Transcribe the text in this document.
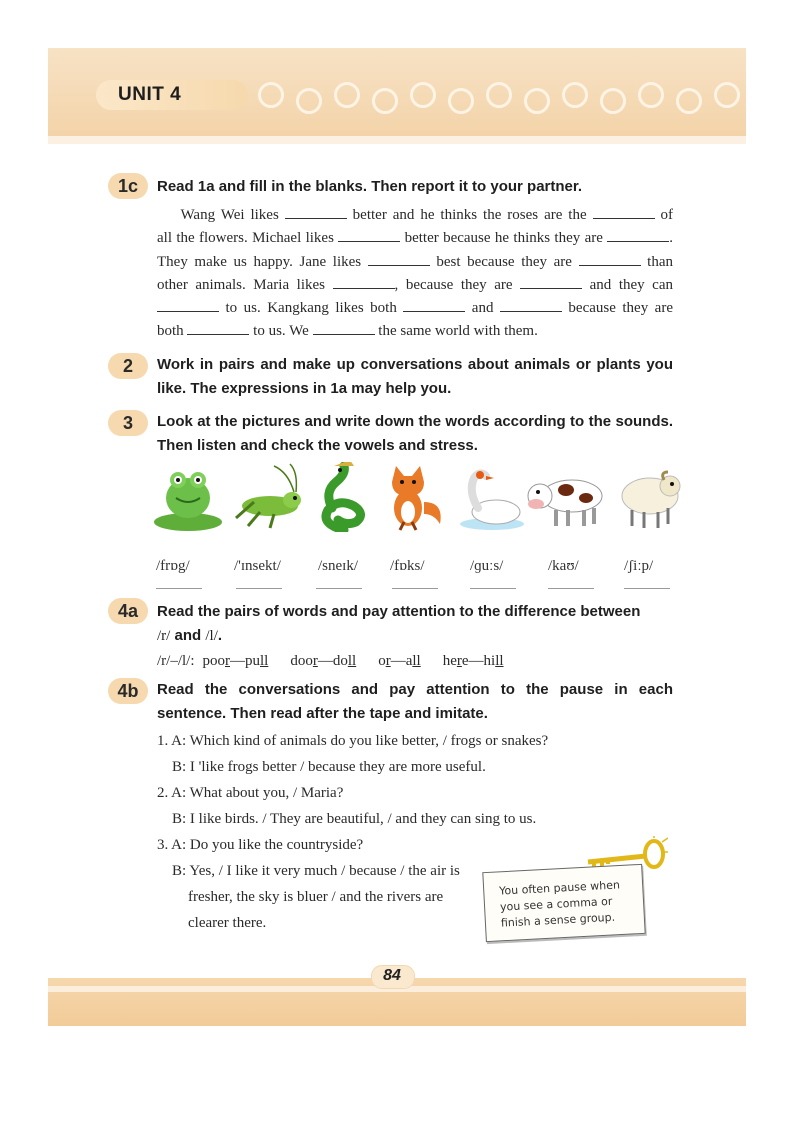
UNIT 4
1c	Read 1a and fill in the blanks. Then report it to your partner.
Wang Wei likes	better and he thinks the roses are the	of
all the flowers. Michael likes	better because he thinks they are	.
They make us happy. Jane likes	best because they are	than
other animals. Maria likes	, because they are	and they can
to us. Kangkang likes both	and	because they are
both	to us. We	the same world with them.
2	Work in pairs and make up conversations about animals or plants you like. The expressions in 1a may help you.
3	Look at the pictures and write down the words according to the sounds. Then listen and check the vowels and stress.
/frɒg/	/'ɪnsekt/ /sneɪk/ /fɒks/	/ɡuːs/	/kaʊ/	/ʃiːp/
4a	Read the pairs of words and pay attention to the difference between
/r/ and /l/.
/r/–/l/: poor—pull door—doll or—all here—hill
4b	Read the conversations and pay attention to the pause in each sentence. Then read after the tape and imitate.
1. A: Which kind of animals do you like better, / frogs or snakes?
B: I 'like frogs better / because they are more useful.
2. A: What about you, / Maria?
B: I like birds. / They are beautiful, / and they can sing to us.
3. A: Do you like the countryside?
B: Yes, / I like it very much / because / the air is
fresher, the sky is bluer / and the rivers are
clearer there.
You often pause when you see a comma or finish a sense group.
84
